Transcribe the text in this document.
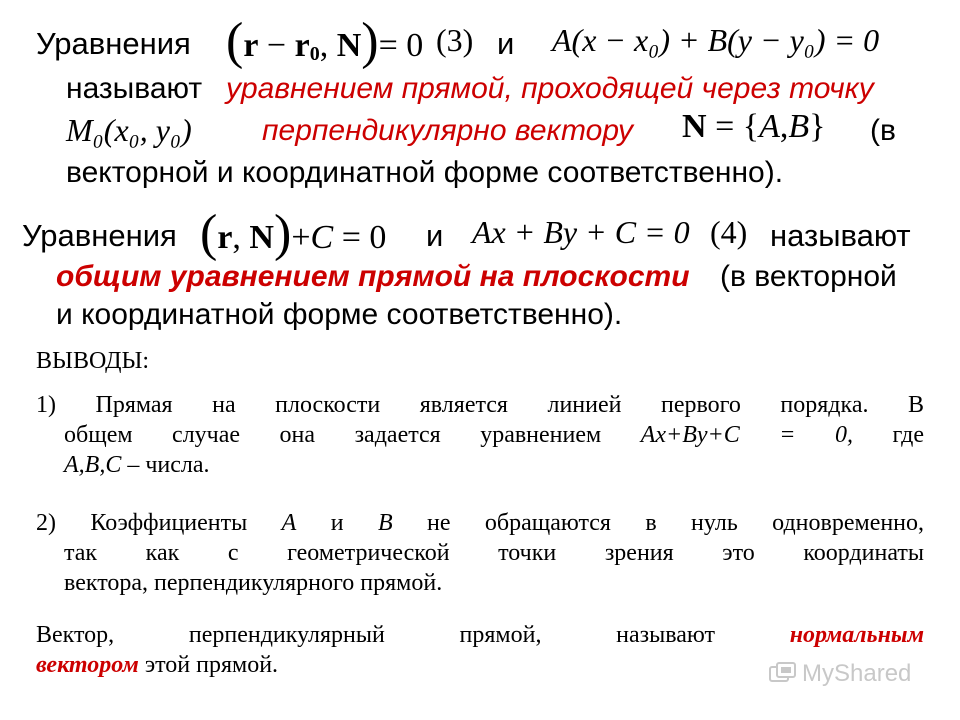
Уравнения ($r - r_0$, N)= 0 (3) и A(x − x₀) + B(y − y₀) = 0
называют уравнением прямой, проходящей через точку
M₀(x₀, y₀) перпендикулярно вектору N = {A,B} (в
векторной и координатной форме соответственно).
Уравнения (r, N)+C = 0 и Ax + By + C = 0 (4) называют
общим уравнением прямой на плоскости (в векторной
и координатной форме соответственно).
ВЫВОДЫ:
1) Прямая на плоскости является линией первого порядка. В
общем случае она задается уравнением Ax+By+C = 0, где
A,B,C – числа.
2) Коэффициенты A и B не обращаются в нуль одновременно,
так как с геометрической точки зрения это координаты
вектора, перпендикулярного прямой.
Вектор, перпендикулярный прямой, называют	нормальным
вектором этой прямой.	MyShared
